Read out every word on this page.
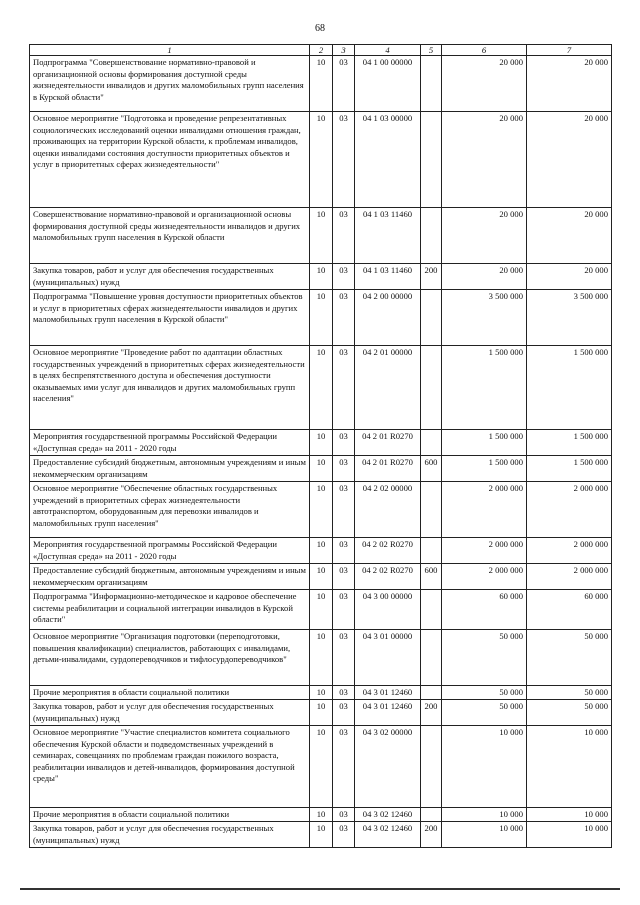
68
1	2	3	4	5	6	7
Подпрограмма "Совершенствование нормативно-правовой и организационной основы формирования доступной среды жизнедеятельности инвалидов и других маломобильных групп населения в Курской области"	10	03	04 1 00 00000		20 000	20 000
Основное мероприятие "Подготовка и проведение репрезентативных социологических исследований оценки инвалидами отношения граждан, проживающих на территории Курской области, к проблемам инвалидов, оценки инвалидами состояния доступности приоритетных объектов и услуг в приоритетных сферах жизнедеятельности"	10	03	04 1 03 00000		20 000	20 000
Совершенствование нормативно-правовой и организационной основы формирования доступной среды жизнедеятельности инвалидов и других маломобильных групп населения в Курской области	10	03	04 1 03 11460		20 000	20 000
Закупка товаров, работ и услуг для обеспечения государственных (муниципальных) нужд	10	03	04 1 03 11460	200	20 000	20 000
Подпрограмма "Повышение уровня доступности приоритетных объектов и услуг в приоритетных сферах жизнедеятельности инвалидов и других маломобильных групп населения в Курской области"	10	03	04 2 00 00000		3 500 000	3 500 000
Основное мероприятие "Проведение работ по адаптации областных государственных учреждений в приоритетных сферах жизнедеятельности в целях беспрепятственного доступа и обеспечения доступности оказываемых ими услуг для инвалидов и других маломобильных групп населения"	10	03	04 2 01 00000		1 500 000	1 500 000
Мероприятия государственной программы Российской Федерации «Доступная среда» на 2011 - 2020 годы	10	03	04 2 01 R0270		1 500 000	1 500 000
Предоставление субсидий бюджетным, автономным учреждениям и иным некоммерческим организациям	10	03	04 2 01 R0270	600	1 500 000	1 500 000
Основное мероприятие "Обеспечение областных государственных учреждений в приоритетных сферах жизнедеятельности автотранспортом, оборудованным для перевозки инвалидов и маломобильных групп населения"	10	03	04 2 02 00000		2 000 000	2 000 000
Мероприятия государственной программы Российской Федерации «Доступная среда» на 2011 - 2020 годы	10	03	04 2 02 R0270		2 000 000	2 000 000
Предоставление субсидий бюджетным, автономным учреждениям и иным некоммерческим организациям	10	03	04 2 02 R0270	600	2 000 000	2 000 000
Подпрограмма "Информационно-методическое и кадровое обеспечение системы реабилитации и социальной интеграции инвалидов в Курской области"	10	03	04 3 00 00000		60 000	60 000
Основное мероприятие "Организация подготовки (переподготовки, повышения квалификации) специалистов, работающих с инвалидами, детьми-инвалидами, сурдопереводчиков и тифлосурдопереводчиков"	10	03	04 3 01 00000		50 000	50 000
Прочие мероприятия в области социальной политики	10	03	04 3 01 12460		50 000	50 000
Закупка товаров, работ и услуг для обеспечения государственных (муниципальных) нужд	10	03	04 3 01 12460	200	50 000	50 000
Основное мероприятие "Участие специалистов комитета социального обеспечения Курской области и подведомственных учреждений в семинарах, совещаниях по проблемам граждан пожилого возраста, реабилитации инвалидов и детей-инвалидов, формирования доступной среды"	10	03	04 3 02 00000		10 000	10 000
Прочие мероприятия в области социальной политики	10	03	04 3 02 12460		10 000	10 000
Закупка товаров, работ и услуг для обеспечения государственных (муниципальных) нужд	10	03	04 3 02 12460	200	10 000	10 000
